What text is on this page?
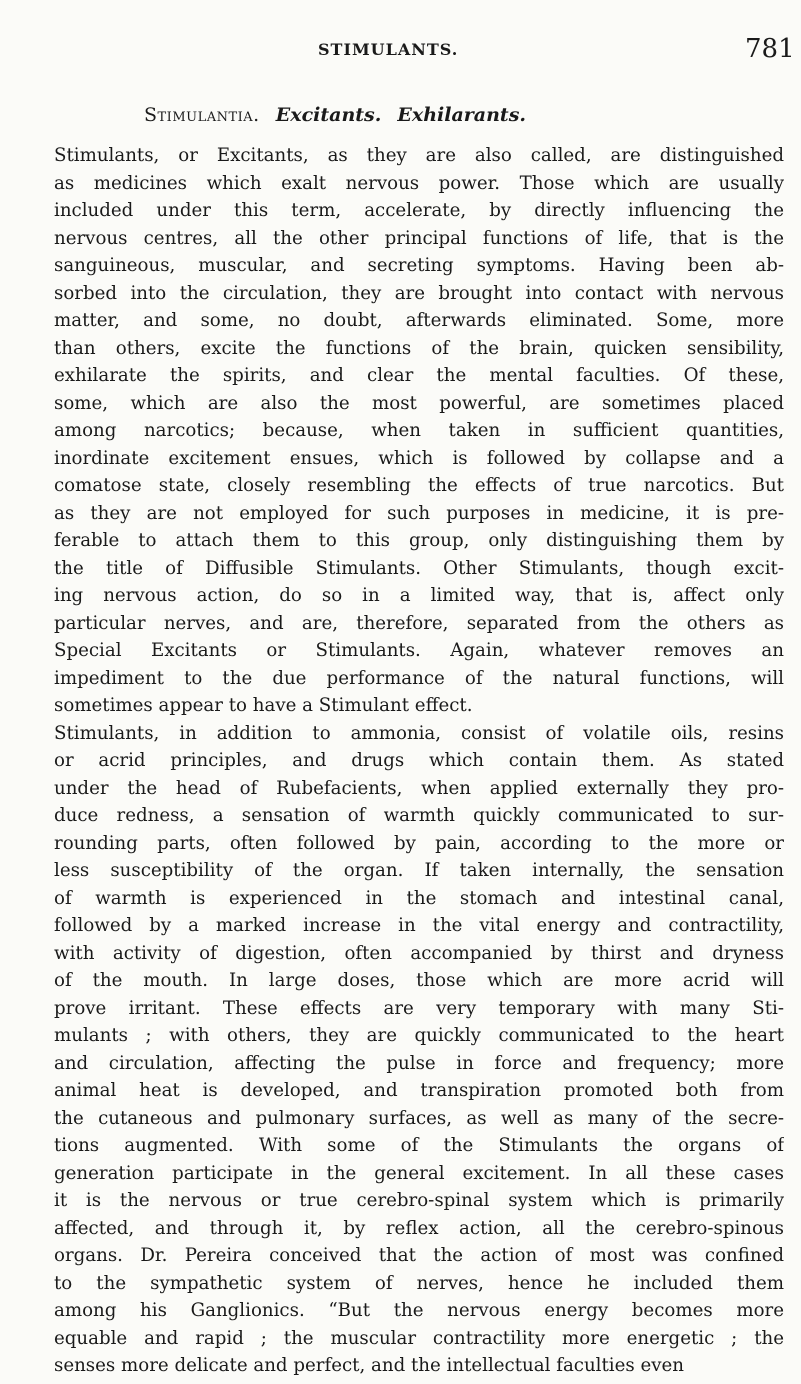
STIMULANTS.	781
Stimulantia. Excitants. Exhilarants.
Stimulants, or Excitants, as they are also called, are distinguished
as medicines which exalt nervous power. Those which are usually
included under this term, accelerate, by directly influencing the
nervous centres, all the other principal functions of life, that is the
sanguineous, muscular, and secreting symptoms. Having been ab-
sorbed into the circulation, they are brought into contact with nervous
matter, and some, no doubt, afterwards eliminated. Some, more
than others, excite the functions of the brain, quicken sensibility,
exhilarate the spirits, and clear the mental faculties. Of these,
some, which are also the most powerful, are sometimes placed
among narcotics; because, when taken in sufficient quantities,
inordinate excitement ensues, which is followed by collapse and a
comatose state, closely resembling the effects of true narcotics. But
as they are not employed for such purposes in medicine, it is pre-
ferable to attach them to this group, only distinguishing them by
the title of Diffusible Stimulants. Other Stimulants, though excit-
ing nervous action, do so in a limited way, that is, affect only
particular nerves, and are, therefore, separated from the others as
Special Excitants or Stimulants. Again, whatever removes an
impediment to the due performance of the natural functions, will
sometimes appear to have a Stimulant effect.
Stimulants, in addition to ammonia, consist of volatile oils, resins
or acrid principles, and drugs which contain them. As stated
under the head of Rubefacients, when applied externally they pro-
duce redness, a sensation of warmth quickly communicated to sur-
rounding parts, often followed by pain, according to the more or
less susceptibility of the organ. If taken internally, the sensation
of warmth is experienced in the stomach and intestinal canal,
followed by a marked increase in the vital energy and contractility,
with activity of digestion, often accompanied by thirst and dryness
of the mouth. In large doses, those which are more acrid will
prove irritant. These effects are very temporary with many Sti-
mulants ; with others, they are quickly communicated to the heart
and circulation, affecting the pulse in force and frequency; more
animal heat is developed, and transpiration promoted both from
the cutaneous and pulmonary surfaces, as well as many of the secre-
tions augmented. With some of the Stimulants the organs of
generation participate in the general excitement. In all these cases
it is the nervous or true cerebro-spinal system which is primarily
affected, and through it, by reflex action, all the cerebro-spinous
organs. Dr. Pereira conceived that the action of most was confined
to the sympathetic system of nerves, hence he included them
among his Ganglionics. “But the nervous energy becomes more
equable and rapid ; the muscular contractility more energetic ; the
senses more delicate and perfect, and the intellectual faculties even
